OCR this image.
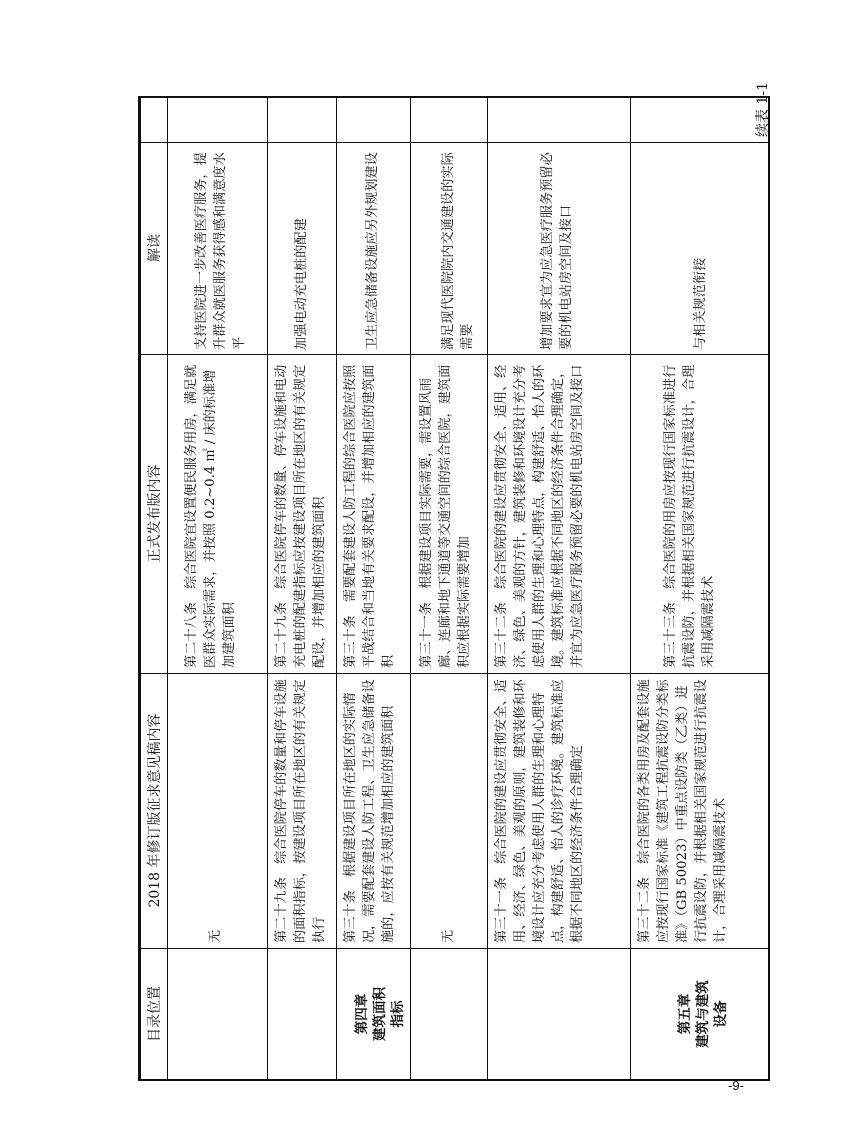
续表 1-1
目录位置
2018 年修订版征求意见稿内容
正式发布版内容
解读
第四章
建筑面积
指标	第五章
建筑与建筑
设备
无
第二十八条　综合医院宜设置便民服务用房，满足就医群众实际需求，并按照 0.2~0.4 ㎡ / 床的标准增加建筑面积
支持医院进一步改善医疗服务，提升群众就医服务获得感和满意度水平
第二十九条　综合医院停车的数量和停车设施的面积指标，按建设项目所在地区的有关规定执行
第二十九条　综合医院停车的数量、停车设施和电动充电桩的配建指标应按建设项目所在地区的有关规定配设，并增加相应的建筑面积
加强电动充电桩的配建
第三十条　根据建设项目所在地区的实际情况，需要配套建设人防工程、卫生应急储备设施的，应按有关规范增加相应的建筑面积
第三十条　需要配套建设人防工程的综合医院应按照平战结合和当地有关要求配设，并增加相应的建筑面积
卫生应急储备设施应另外规划建设
无
第三十一条　根据建设项目实际需要，需设置风雨廊、连廊和地下通道等交通空间的综合医院，建筑面积应根据实际需要增加
满足现代医院院内交通建设的实际需要
第三十一条　综合医院的建设应贯彻安全、适用、经济、绿色、美观的原则，建筑装修和环境设计应充分考虑使用人群的生理和心理特点，构建舒适、怡人的诊疗环境。建筑标准应根据不同地区的经济条件合理确定
第三十二条　综合医院的建设应贯彻安全、适用、经济、绿色、美观的方针，建筑装修和环境设计充分考虑使用人群的生理和心理特点，构建舒适、怡人的环境。建筑标准应根据不同地区的经济条件合理确定，并宜为应急医疗服务预留必要的机电站房空间及接口
增加要求宜为应急医疗服务预留必要的机电站房空间及接口
第三十二条　综合医院的各类用房及配套设施应按现行国家标准《建筑工程抗震设防分类标准》（GB 50023）中重点设防类（乙类）进行抗震设防，并根据相关国家规范进行抗震设计，合理采用减隔震技术
第三十三条　综合医院的用房应按现行国家标准进行抗震设防，并根据相关国家规范进行抗震设计，合理采用减隔震技术
与相关规范衔接
-9-
